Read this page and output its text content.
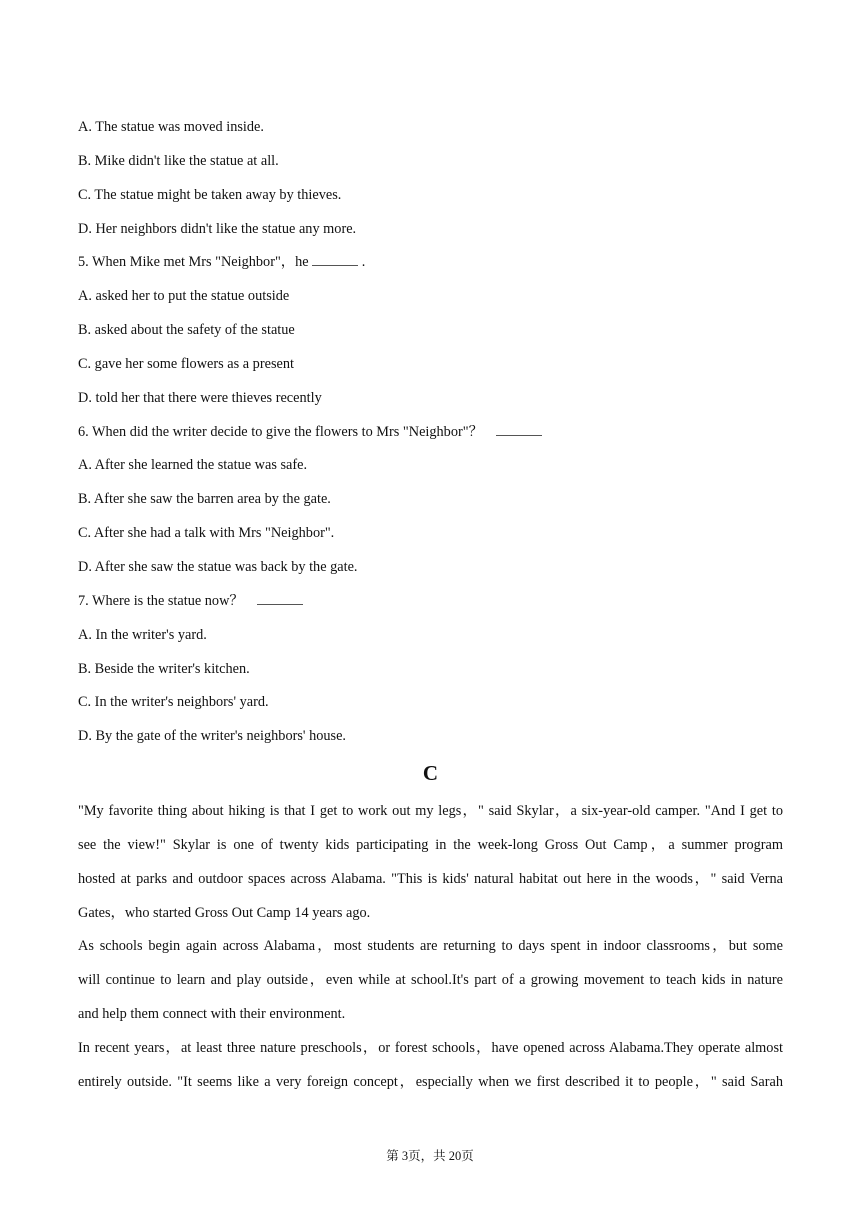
A. The statue was moved inside.
B. Mike didn't like the statue at all.
C. The statue might be taken away by thieves.
D. Her neighbors didn't like the statue any more.
5. When Mike met Mrs "Neighbor"，he	.
A. asked her to put the statue outside
B. asked about the safety of the statue
C. gave her some flowers as a present
D. told her that there were thieves recently
6. When did the writer decide to give the flowers to Mrs "Neighbor"？
A. After she learned the statue was safe.
B. After she saw the barren area by the gate.
C. After she had a talk with Mrs "Neighbor".
D. After she saw the statue was back by the gate.
7. Where is the statue now？
A. In the writer's yard.
B. Beside the writer's kitchen.
C. In the writer's neighbors' yard.
D. By the gate of the writer's neighbors' house.
C
"My favorite thing about hiking is that I get to work out my legs，" said Skylar，a six-year-old camper. "And I get to
see the view!" Skylar is one of twenty kids participating in the week-long Gross Out Camp，a summer program
hosted at parks and outdoor spaces across Alabama. "This is kids' natural habitat out here in the woods，" said Verna
Gates，who started Gross Out Camp 14 years ago.
As schools begin again across Alabama，most students are returning to days spent in indoor classrooms，but some
will continue to learn and play outside，even while at school.It's part of a growing movement to teach kids in nature
and help them connect with their environment.
In recent years，at least three nature preschools，or forest schools，have opened across Alabama.They operate almost
entirely outside. "It seems like a very foreign concept，especially when we first described it to people，" said Sarah
第 3页，共 20页
